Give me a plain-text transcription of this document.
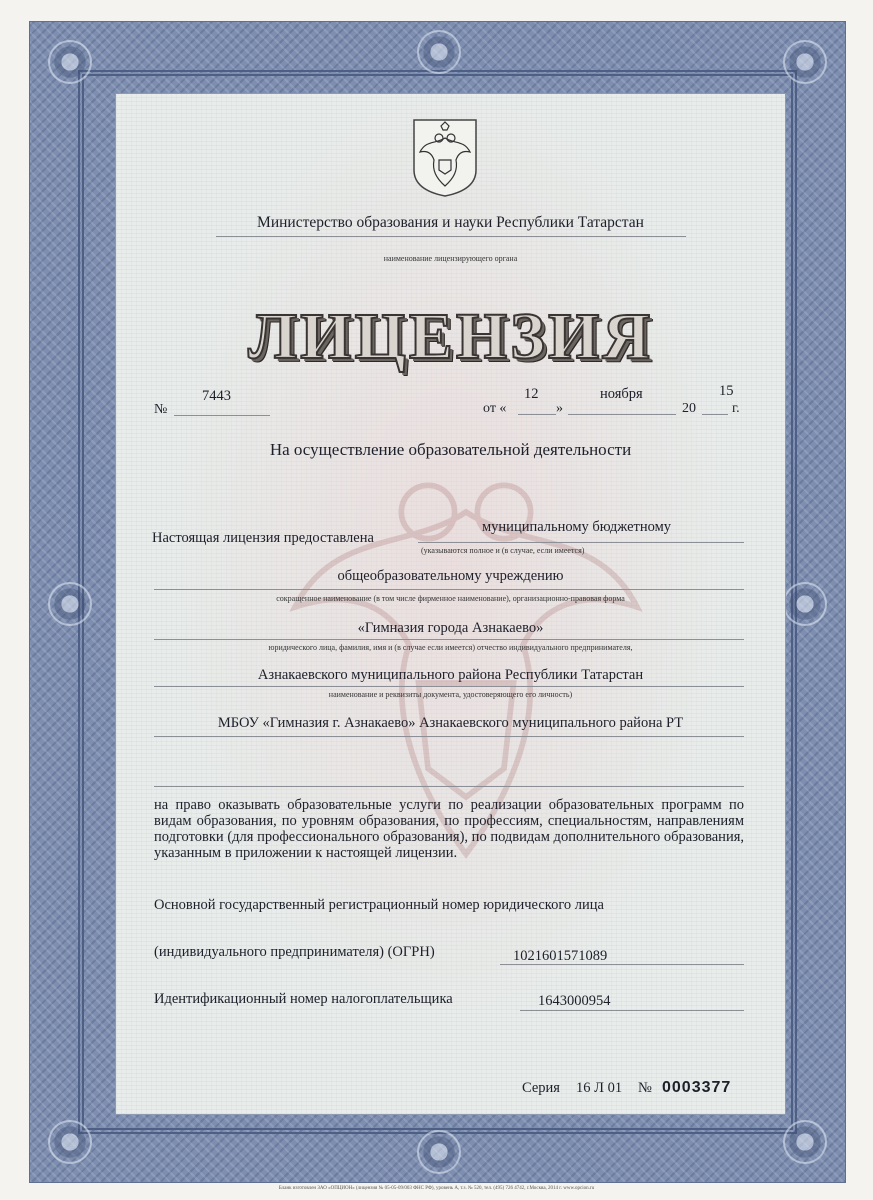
Министерство образования и науки Республики Татарстан
наименование лицензирующего органа
ЛИЦЕНЗИЯ
№
7443
от «
12
»
ноября
20
15
г.
На осуществление образовательной деятельности
Настоящая лицензия предоставлена
муниципальному бюджетному
(указываются полное и (в случае, если имеется)
общеобразовательному учреждению
сокращенное наименование (в том числе фирменное наименование), организационно-правовая форма
«Гимназия города Азнакаево»
юридического лица, фамилия, имя и (в случае если имеется) отчество индивидуального предпринимателя,
Азнакаевского муниципального района Республики Татарстан
наименование и реквизиты документа, удостоверяющего его личность)
МБОУ «Гимназия г. Азнакаево» Азнакаевского муниципального района РТ
на право оказывать образовательные услуги по реализации образовательных программ по видам образования, по уровням образования, по профессиям, специальностям, направлениям подготовки (для профессионального образования), по подвидам дополнительного образования, указанным в приложении к настоящей лицензии.
Основной государственный регистрационный номер юридического лица
(индивидуального предпринимателя) (ОГРН)	1021601571089
Идентификационный номер налогоплательщика	1643000954
Серия 16 Л 01 № 0003377
Бланк изготовлен ЗАО «ОПЦИОН» (лицензия № 05-05-09/003 ФНС РФ), уровень А, т.з. № 520, тел. (495) 726 4742, г.Москва, 2014 г. www.opcion.ru
